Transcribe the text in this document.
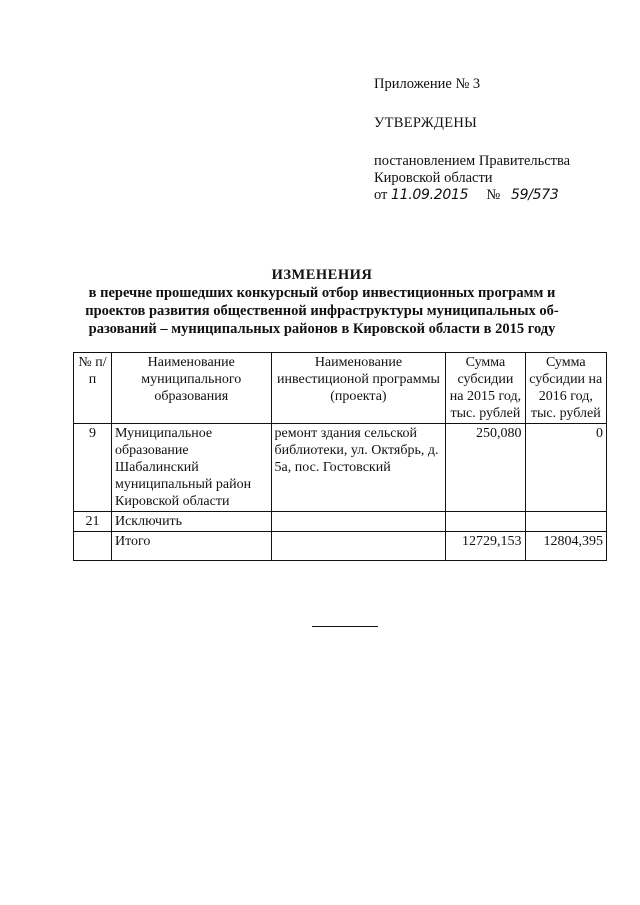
Приложение № 3
УТВЕРЖДЕНЫ
постановлением Правительства
Кировской области
от 11.09.2015 № 59/573
ИЗМЕНЕНИЯ
в перечне прошедших конкурсный отбор инвестиционных программ и
проектов развития общественной инфраструктуры муниципальных об-
разований – муниципальных районов в Кировской области в 2015 году
№ п/п	Наименование муниципального образования	Наименование инвестиционой программы (проекта)	Сумма субсидии на 2015 год, тыс. рублей	Сумма субсидии на 2016 год, тыс. рублей
9	Муниципальное образование Шабалинский муниципальный район Кировской области	ремонт здания сельской библиотеки, ул. Октябрь, д. 5а, пос. Гостовский	250,080	0
21	Исключить			
	Итого		12729,153	12804,395
